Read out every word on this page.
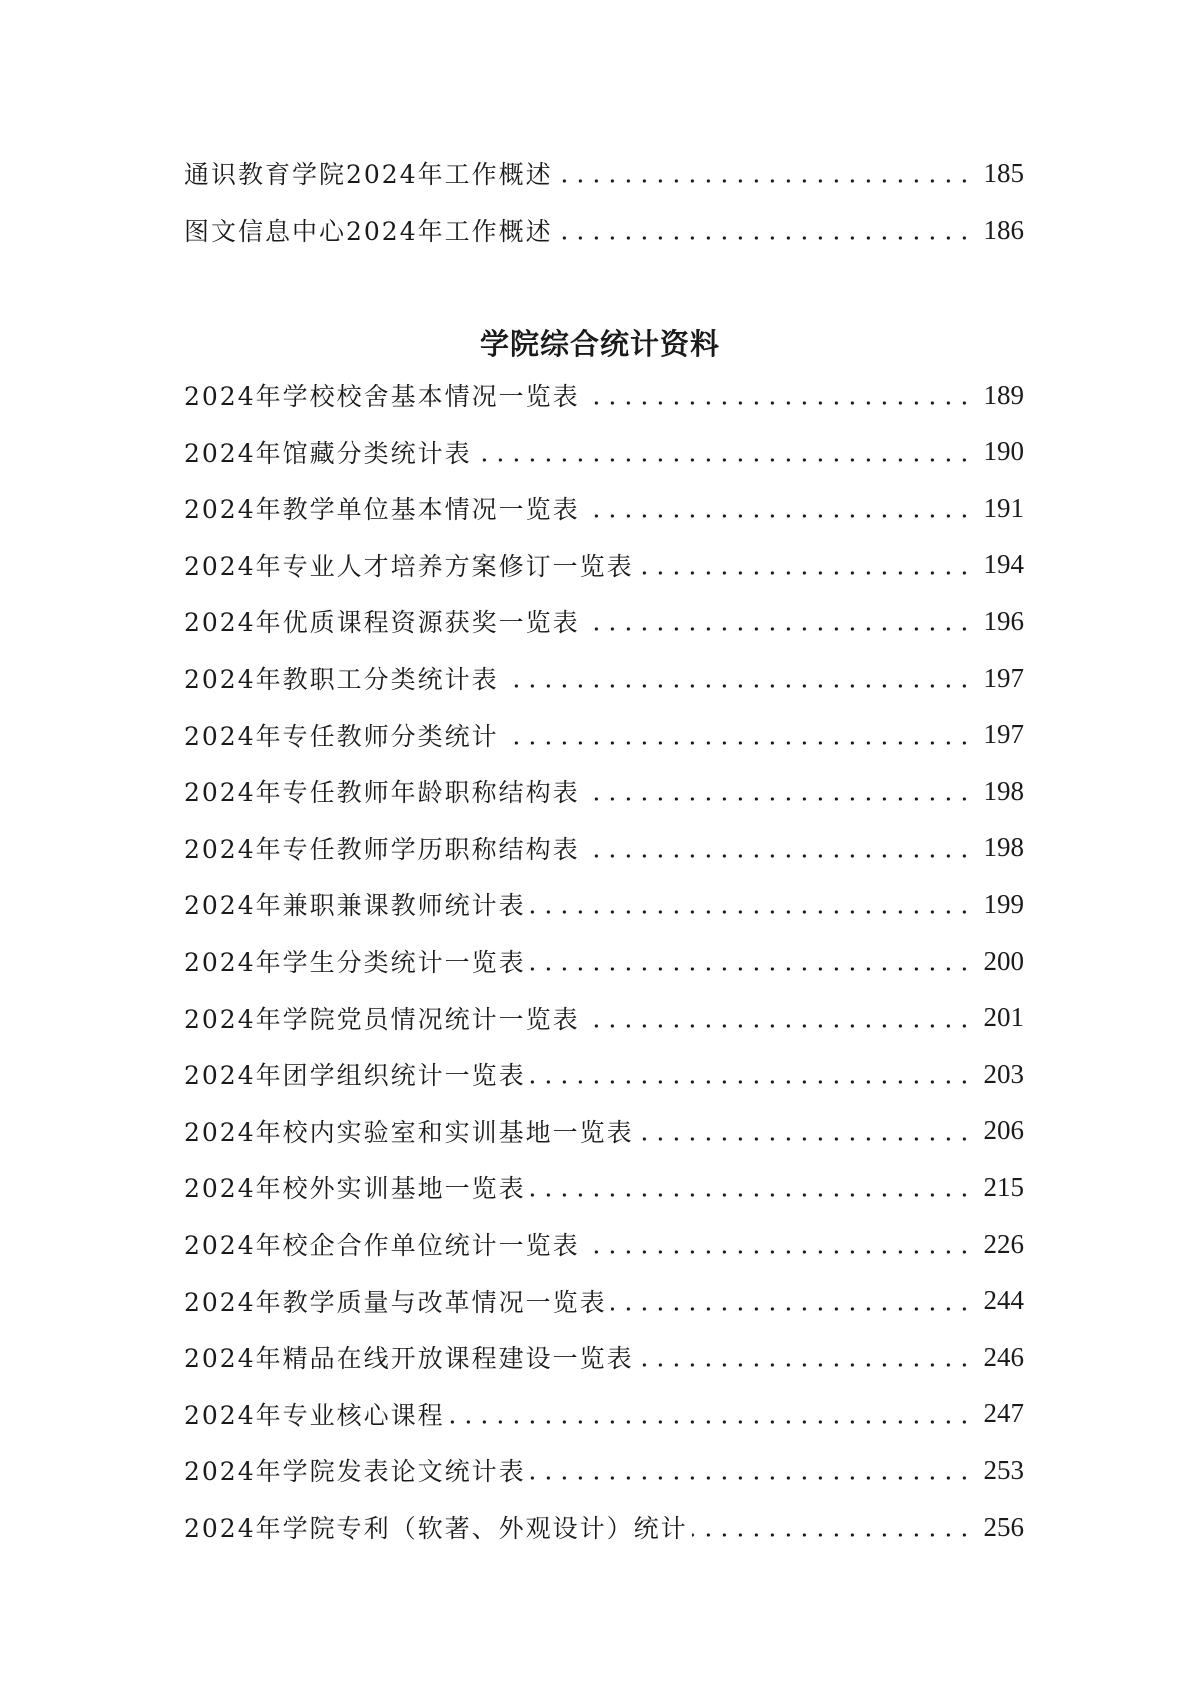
通识教育学院2024年工作概述	185
图文信息中心2024年工作概述	186
学院综合统计资料
2024年学校校舍基本情况一览表	189
2024年馆藏分类统计表	190
2024年教学单位基本情况一览表	191
2024年专业人才培养方案修订一览表	194
2024年优质课程资源获奖一览表	196
2024年教职工分类统计表	197
2024年专任教师分类统计	197
2024年专任教师年龄职称结构表	198
2024年专任教师学历职称结构表	198
2024年兼职兼课教师统计表	199
2024年学生分类统计一览表	200
2024年学院党员情况统计一览表	201
2024年团学组织统计一览表	203
2024年校内实验室和实训基地一览表	206
2024年校外实训基地一览表	215
2024年校企合作单位统计一览表	226
2024年教学质量与改革情况一览表	244
2024年精品在线开放课程建设一览表	246
2024年专业核心课程	247
2024年学院发表论文统计表	253
2024年学院专利（软著、外观设计）统计	256
